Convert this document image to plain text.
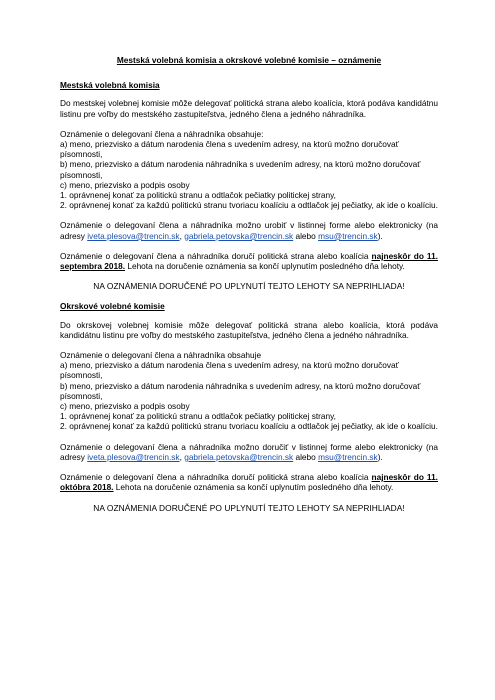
Mestská volebná komisia a okrskové volebné komisie – oznámenie

Mestská volebná komisia

Do mestskej volebnej komisie môže delegovať politická strana alebo koalícia, ktorá podáva kandidátnu listinu pre voľby do mestského zastupiteľstva, jedného člena a jedného náhradníka.

Oznámenie o delegovaní člena a náhradníka obsahuje:

a) meno, priezvisko a dátum narodenia člena s uvedením adresy, na ktorú možno doručovať písomnosti,

b) meno, priezvisko a dátum narodenia náhradníka s uvedením adresy, na ktorú možno doručovať písomnosti,

c) meno, priezvisko a podpis osoby

1. oprávnenej konať za politickú stranu a odtlačok pečiatky politickej strany,

2. oprávnenej konať za každú politickú stranu tvoriacu koalíciu a odtlačok jej pečiatky, ak ide o koalíciu.

Oznámenie o delegovaní člena a náhradníka možno urobiť v listinnej forme alebo elektronicky (na adresy iveta.plesova@trencin.sk, gabriela.petovska@trencin.sk alebo msu@trencin.sk).

Oznámenie o delegovaní člena a náhradníka doručí politická strana alebo koalícia najneskôr do 11. septembra 2018. Lehota na doručenie oznámenia sa končí uplynutím posledného dňa lehoty.

NA OZNÁMENIA DORUČENÉ PO UPLYNUTÍ TEJTO LEHOTY SA NEPRIHLIADA!

Okrskové volebné komisie

Do okrskovej volebnej komisie môže delegovať politická strana alebo koalícia, ktorá podáva kandidátnu listinu pre voľby do mestského zastupiteľstva, jedného člena a jedného náhradníka.

Oznámenie o delegovaní člena a náhradníka obsahuje

a) meno, priezvisko a dátum narodenia člena s uvedením adresy, na ktorú možno doručovať písomnosti,

b) meno, priezvisko a dátum narodenia náhradníka s uvedením adresy, na ktorú možno doručovať písomnosti,

c) meno, priezvisko a podpis osoby

1. oprávnenej konať za politickú stranu a odtlačok pečiatky politickej strany,

2. oprávnenej konať za každú politickú stranu tvoriacu koalíciu a odtlačok jej pečiatky, ak ide o koalíciu.

Oznámenie o delegovaní člena a náhradníka možno doručiť v listinnej forme alebo elektronicky (na adresy iveta.plesova@trencin.sk, gabriela.petovska@trencin.sk alebo msu@trencin.sk).

Oznámenie o delegovaní člena a náhradníka doručí politická strana alebo koalícia najneskôr do 11. októbra 2018. Lehota na doručenie oznámenia sa končí uplynutím posledného dňa lehoty.

NA OZNÁMENIA DORUČENÉ PO UPLYNUTÍ TEJTO LEHOTY SA NEPRIHLIADA!
